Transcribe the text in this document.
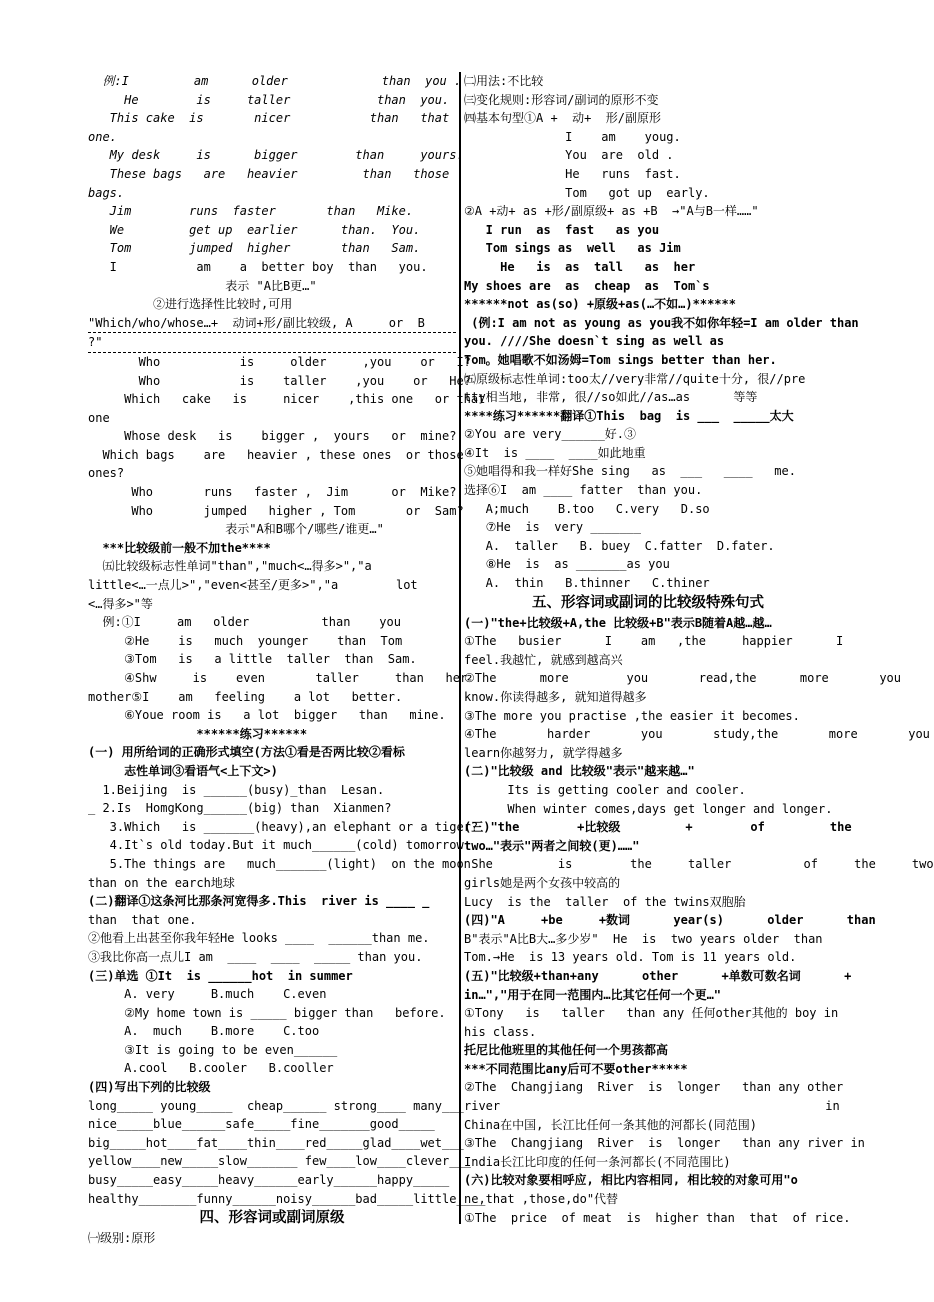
例:I         am      older             than  you .
He        is     taller            than  you.
This cake  is       nicer           than   that
one.
My desk     is      bigger        than     yours.
These bags   are   heavier         than   those
bags.
Jim        runs  faster       than   Mike.
We         get up  earlier      than.  You.
Tom        jumped  higher       than   Sam.
I           am    a  better boy  than   you.
表示 "A比B更…"
②进行选择性比较时,可用
"Which/who/whose…+  动词+形/副比较级, A     or  B
?"
Who           is     older     ,you    or   I?
Who           is    taller    ,you    or   He?
Which   cake   is     nicer    ,this one   or that
one
Whose desk   is    bigger ,  yours   or  mine?
Which bags    are   heavier , these ones  or those
ones?
Who       runs   faster ,  Jim      or  Mike?
Who       jumped   higher , Tom       or  Sam?
表示"A和B哪个/哪些/谁更…"
***比较级前一般不加the****
㈤比较级标志性单词"than","much<…得多>","a
little<…一点儿>","even<甚至/更多>","a        lot
<…得多>"等
例:①I     am   older          than    you
②He    is   much  younger    than  Tom
③Tom   is   a little  taller  than  Sam.
④Shw     is    even       taller     than   her
mother⑤I    am   feeling    a lot   better.
⑥Youe room is   a lot  bigger   than   mine.
******练习******
(一) 用所给词的正确形式填空(方法①看是否两比较②看标
志性单词③看语气<上下文>)
1.Beijing  is ______(busy)_than  Lesan.
_ 2.Is  HomgKong______(big) than  Xianmen?
3.Which   is _______(heavy),an elephant or a tiger?
4.It`s old today.But it much______(cold) tomorrow.
5.The things are   much_______(light)  on the moon
than on the earch地球
(二)翻译①这条河比那条河宽得多.This  river is ____ _
than  that one.
②他看上出甚至你我年轻He looks ____  ______than me.
③我比你高一点儿I am  ____  ____  _____ than you.
(三)单选 ①It  is ______hot  in summer
A. very     B.much    C.even
②My home town is _____ bigger than   before.
A.  much    B.more    C.too
③It is going to be even______
A.cool   B.cooler   B.cooller
(四)写出下列的比较级
long_____ young_____  cheap______ strong____ many___
nice_____blue______safe_____fine_______good_____
big_____hot____fat____thin____red_____glad____wet___
yellow____new_____slow_______ few____low____clever___
busy_____easy_____heavy______early______happy_____
healthy________funny______noisy______bad_____little____
四、形容词或副词原级
㈠级别:原形
㈡用法:不比较
㈢变化规则:形容词/副词的原形不变
㈣基本句型①A +  动+  形/副原形
I    am    youg.
You  are  old .
He   runs  fast.
Tom   got up  early.
②A +动+ as +形/副原级+ as +B  →"A与B一样……"
I run  as  fast   as you
Tom sings as  well   as Jim
He   is  as  tall   as  her
My shoes are  as  cheap  as  Tom`s
******not as(so) +原级+as(…不如…)******
(例:I am not as young as you我不如你年轻=I am older than
you. ////She doesn`t sing as well as
Tom。她唱歌不如汤姆=Tom sings better than her.
㈤原级标志性单词:too太//very非常//quite十分, 很//pre
tty相当地, 非常, 很//so如此//as…as      等等
****练习******翻译①This  bag  is ___  _____太大
②You are very______好.③
④It  is ____  ____如此地重
⑤她唱得和我一样好She sing   as  ___   ____   me.
选择⑥I  am ____ fatter  than you.
A;much    B.too   C.very   D.so
⑦He  is  very _______
A.  taller   B. buey  C.fatter  D.fater.
⑧He  is  as _______as you
A.  thin   B.thinner   C.thiner
五、形容词或副词的比较级特殊句式
(一)"the+比较级+A,the 比较级+B"表示B随着A越…越…
①The   busier      I    am   ,the     happier      I
feel.我越忙, 就感到越高兴
②The      more        you       read,the      more       you
know.你读得越多, 就知道得越多
③The more you practise ,the easier it becomes.
④The       harder       you       study,the       more       you
learn你越努力, 就学得越多
(二)"比较级 and 比较级"表示"越来越…"
Its is getting cooler and cooler.
When winter comes,days get longer and longer.
(三)"the        +比较级         +        of         the
two…"表示"两者之间较(更)……"
She         is        the     taller          of     the     two
girls她是两个女孩中较高的
Lucy  is the  taller  of the twins双胞胎
(四)"A     +be     +数词      year(s)      older      than
B"表示"A比B大…多少岁"  He  is  two years older  than
Tom.→He  is 13 years old. Tom is 11 years old.
(五)"比较级+than+any      other      +单数可数名词      +
in…","用于在同一范围内…比其它任何一个更…"
①Tony   is   taller   than any 任何other其他的 boy in
his class.
托尼比他班里的其他任何一个男孩都高
***不同范围比any后可不要other*****
②The  Changjiang  River  is  longer   than any other
river                                             in
China在中国, 长江比任何一条其他的河都长(同范围)
③The  Changjiang  River  is  longer   than any river in
India长江比印度的任何一条河都长(不同范围比)
(六)比较对象要相呼应, 相比内容相同, 相比较的对象可用"o
ne,that ,those,do"代替
①The  price  of meat  is  higher than  that  of rice.
